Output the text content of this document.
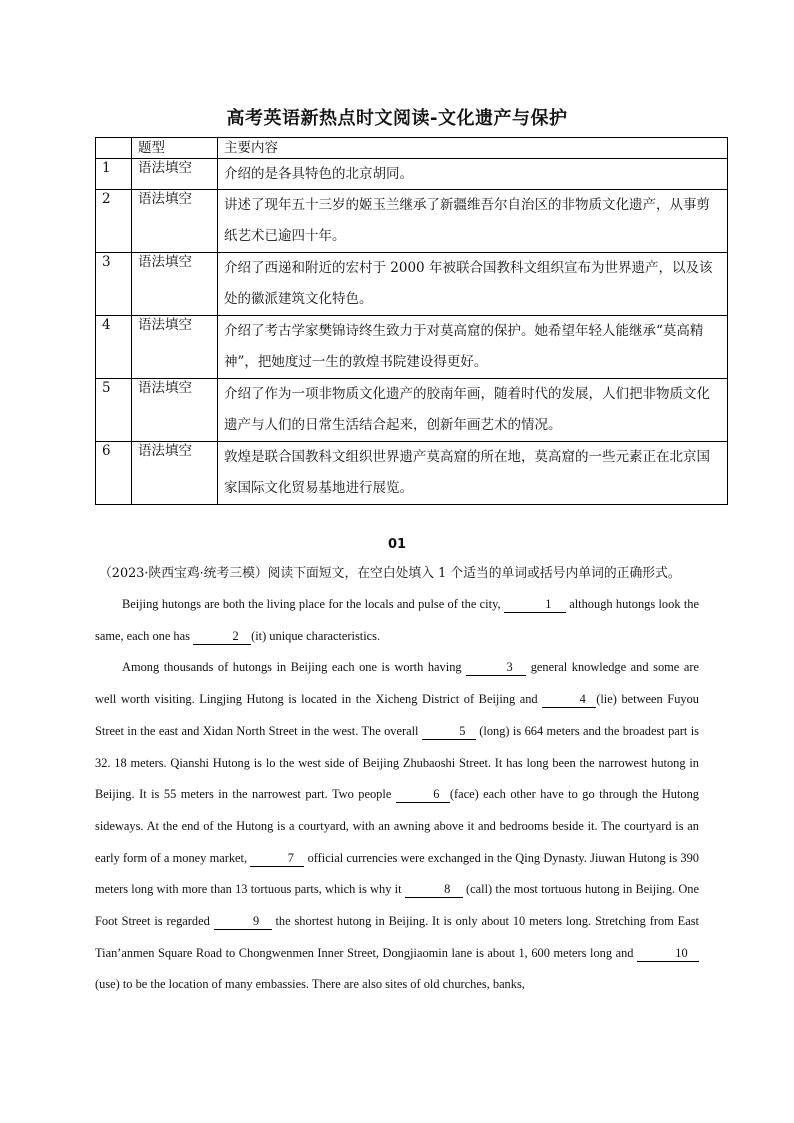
高考英语新热点时文阅读-文化遗产与保护
	题型	主要内容
1	语法填空	介绍的是各具特色的北京胡同。
2	语法填空	讲述了现年五十三岁的姬玉兰继承了新疆维吾尔自治区的非物质文化遗产，从事剪纸艺术已逾四十年。
3	语法填空	介绍了西递和附近的宏村于 2000 年被联合国教科文组织宣布为世界遗产，以及该处的徽派建筑文化特色。
4	语法填空	介绍了考古学家樊锦诗终生致力于对莫高窟的保护。她希望年轻人能继承“莫高精神”，把她度过一生的敦煌书院建设得更好。
5	语法填空	介绍了作为一项非物质文化遗产的胶南年画，随着时代的发展，人们把非物质文化遗产与人们的日常生活结合起来，创新年画艺术的情况。
6	语法填空	敦煌是联合国教科文组织世界遗产莫高窟的所在地，莫高窟的一些元素正在北京国家国际文化贸易基地进行展览。
01
（2023·陕西宝鸡·统考三模）阅读下面短文，在空白处填入 1 个适当的单词或括号内单词的正确形式。

Beijing hutongs are both the living place for the locals and pulse of the city,	1 although hutongs look the same, each one has	2 (it) unique characteristics.

Among thousands of hutongs in Beijing each one is worth having	3 general knowledge and some are well worth visiting. Lingjing Hutong is located in the Xicheng District of Beijing and	4 (lie) between Fuyou Street in the east and Xidan North Street in the west. The overall	5 (long) is 664 meters and the broadest part is 32. 18 meters. Qianshi Hutong is lo the west side of Beijing Zhubaoshi Street. It has long been the narrowest hutong in Beijing. It is 55 meters in the narrowest part. Two people	6 (face) each other have to go through the Hutong sideways. At the end of the Hutong is a courtyard, with an awning above it and bedrooms beside it. The courtyard is an early form of a money market,	7 official currencies were exchanged in the Qing Dynasty. Jiuwan Hutong is 390 meters long with more than 13 tortuous parts, which is why it	8 (call) the most tortuous hutong in Beijing. One Foot Street is regarded	9 the shortest hutong in Beijing. It is only about 10 meters long. Stretching from East Tian’anmen Square Road to Chongwenmen Inner Street, Dongjiaomin lane is about 1, 600 meters long and	10(use) to be the location of many embassies. There are also sites of old churches, banks,
